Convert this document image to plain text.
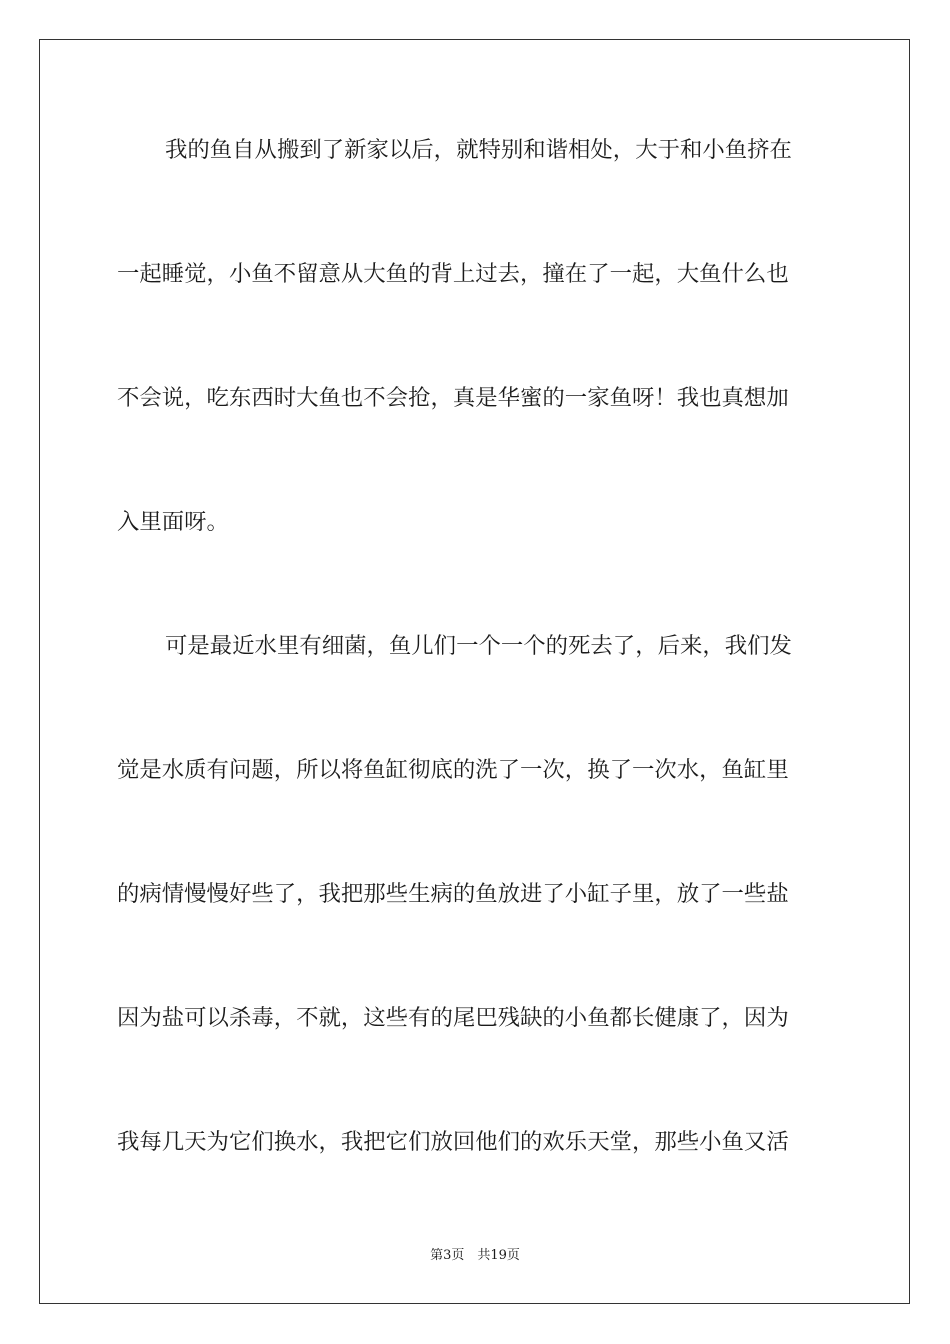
我的鱼自从搬到了新家以后，就特别和谐相处，大于和小鱼挤在
一起睡觉，小鱼不留意从大鱼的背上过去，撞在了一起，大鱼什么也
不会说，吃东西时大鱼也不会抢，真是华蜜的一家鱼呀！我也真想加
入里面呀。
可是最近水里有细菌，鱼儿们一个一个的死去了，后来，我们发
觉是水质有问题，所以将鱼缸彻底的洗了一次，换了一次水，鱼缸里
的病情慢慢好些了，我把那些生病的鱼放进了小缸子里，放了一些盐
因为盐可以杀毒，不就，这些有的尾巴残缺的小鱼都长健康了，因为
我每几天为它们换水，我把它们放回他们的欢乐天堂，那些小鱼又活
第3页　共19页
